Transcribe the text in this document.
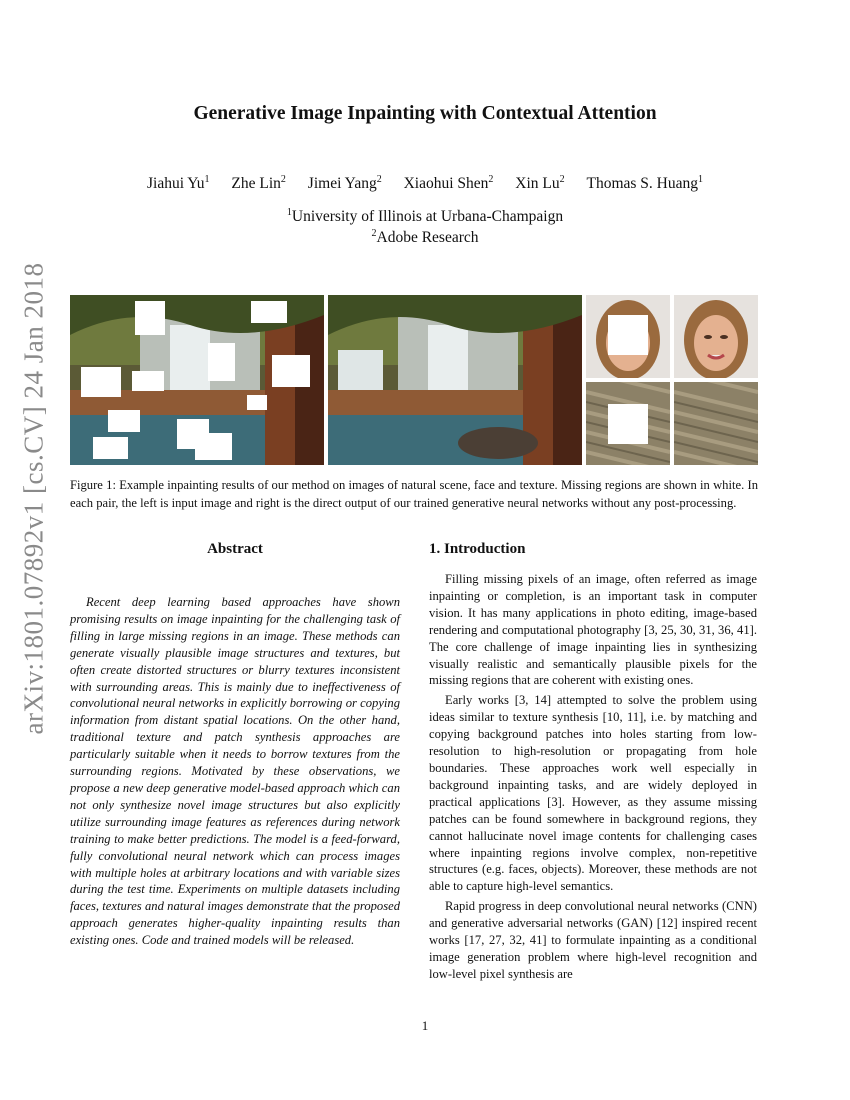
arXiv:1801.07892v1 [cs.CV] 24 Jan 2018
Generative Image Inpainting with Contextual Attention
Jiahui Yu$^1$ Zhe Lin$^2$ Jimei Yang$^2$ Xiaohui Shen$^2$ Xin Lu$^2$ Thomas S. Huang$^1$
$^1$University of Illinois at Urbana-Champaign
$^2$Adobe Research
Figure 1: Example inpainting results of our method on images of natural scene, face and texture. Missing regions are shown in white. In each pair, the left is input image and right is the direct output of our trained generative neural networks without any post-processing.
Abstract	1. Introduction

Recent deep learning based approaches have shown promising results on image inpainting for the challenging task of filling in large missing regions in an image. These methods can generate visually plausible image structures and textures, but often create distorted structures or blurry textures inconsistent with surrounding areas. This is mainly due to ineffectiveness of convolutional neural networks in explicitly borrowing or copying information from distant spatial locations. On the other hand, traditional texture and patch synthesis approaches are particularly suitable when it needs to borrow textures from the surrounding regions. Motivated by these observations, we propose a new deep generative model-based approach which can not only synthesize novel image structures but also explicitly utilize surrounding image features as references during network training to make better predictions. The model is a feed-forward, fully convolutional neural network which can process images with multiple holes at arbitrary locations and with variable sizes during the test time. Experiments on multiple datasets including faces, textures and natural images demonstrate that the proposed approach generates higher-quality inpainting results than existing ones. Code and trained models will be released.

Filling missing pixels of an image, often referred as image inpainting or completion, is an important task in computer vision. It has many applications in photo editing, image-based rendering and computational photography [3, 25, 30, 31, 36, 41]. The core challenge of image inpainting lies in synthesizing visually realistic and semantically plausible pixels for the missing regions that are coherent with existing ones.

Early works [3, 14] attempted to solve the problem using ideas similar to texture synthesis [10, 11], i.e. by matching and copying background patches into holes starting from low-resolution to high-resolution or propagating from hole boundaries. These approaches work well especially in background inpainting tasks, and are widely deployed in practical applications [3]. However, as they assume missing patches can be found somewhere in background regions, they cannot hallucinate novel image contents for challenging cases where inpainting regions involve complex, non-repetitive structures (e.g. faces, objects). Moreover, these methods are not able to capture high-level semantics.

Rapid progress in deep convolutional neural networks (CNN) and generative adversarial networks (GAN) [12] inspired recent works [17, 27, 32, 41] to formulate inpainting as a conditional image generation problem where high-level recognition and low-level pixel synthesis are

1
